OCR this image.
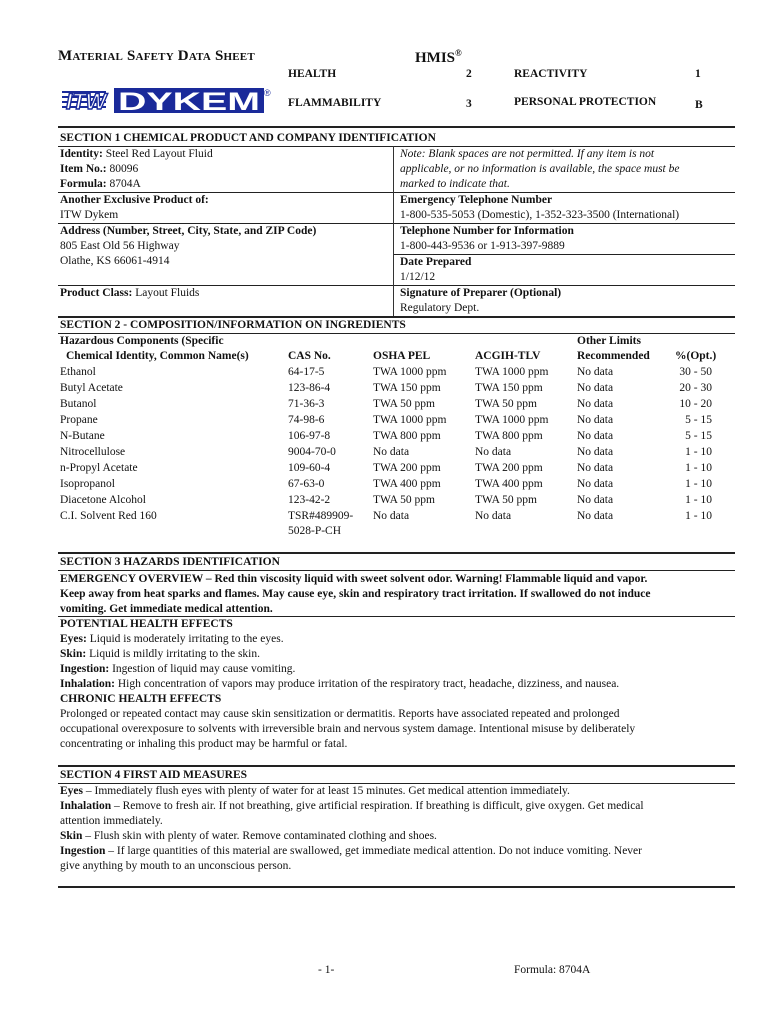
Material Safety Data Sheet	HMIS®
HEALTH	2	REACTIVITY	1
FLAMMABILITY	3	PERSONAL PROTECTION	B
ITW DYKEM ®
SECTION 1 CHEMICAL PRODUCT AND COMPANY IDENTIFICATION
Identity: Steel Red Layout Fluid
Item No.: 80096
Formula: 8704A
Another Exclusive Product of:
ITW Dykem
Address (Number, Street, City, State, and ZIP Code)
805 East Old 56 Highway
Olathe, KS 66061-4914
Product Class: Layout Fluids
Note: Blank spaces are not permitted. If any item is not
applicable, or no information is available, the space must be
marked to indicate that.
Emergency Telephone Number
1-800-535-5053 (Domestic), 1-352-323-3500 (International)
Telephone Number for Information
1-800-443-9536 or 1-913-397-9889
Date Prepared
1/12/12
Signature of Preparer (Optional)
Regulatory Dept.
SECTION 2 - COMPOSITION/INFORMATION ON INGREDIENTS
Hazardous Components (Specific
Chemical Identity, Common Name(s)	CAS No.	OSHA PEL	ACGIH-TLV
Other Limits
Recommended %(Opt.)
Ethanol	64-17-5	TWA 1000 ppm	TWA 1000 ppm	No data	30 - 50
Butyl Acetate	123-86-4	TWA 150 ppm	TWA 150 ppm	No data	20 - 30
Butanol	71-36-3	TWA 50 ppm	TWA 50 ppm	No data	10 - 20
Propane	74-98-6	TWA 1000 ppm	TWA 1000 ppm	No data	5 - 15
N-Butane	106-97-8	TWA 800 ppm	TWA 800 ppm	No data	5 - 15
Nitrocellulose	9004-70-0	No data	No data	No data	1 - 10
n-Propyl Acetate	109-60-4	TWA 200 ppm	TWA 200 ppm	No data	1 - 10
Isopropanol	67-63-0	TWA 400 ppm	TWA 400 ppm	No data	1 - 10
Diacetone Alcohol	123-42-2	TWA 50 ppm	TWA 50 ppm	No data	1 - 10
C.I. Solvent Red 160	TSR#489909-	No data	No data	No data	1 - 10
5028-P-CH
SECTION 3 HAZARDS IDENTIFICATION
EMERGENCY OVERVIEW – Red thin viscosity liquid with sweet solvent odor. Warning! Flammable liquid and vapor.
Keep away from heat sparks and flames. May cause eye, skin and respiratory tract irritation. If swallowed do not induce
vomiting. Get immediate medical attention.
POTENTIAL HEALTH EFFECTS
Eyes: Liquid is moderately irritating to the eyes.
Skin: Liquid is mildly irritating to the skin.
Ingestion: Ingestion of liquid may cause vomiting.
Inhalation: High concentration of vapors may produce irritation of the respiratory tract, headache, dizziness, and nausea.
CHRONIC HEALTH EFFECTS
Prolonged or repeated contact may cause skin sensitization or dermatitis. Reports have associated repeated and prolonged
occupational overexposure to solvents with irreversible brain and nervous system damage. Intentional misuse by deliberately
concentrating or inhaling this product may be harmful or fatal.
SECTION 4 FIRST AID MEASURES
Eyes – Immediately flush eyes with plenty of water for at least 15 minutes. Get medical attention immediately.
Inhalation – Remove to fresh air. If not breathing, give artificial respiration. If breathing is difficult, give oxygen. Get medical
attention immediately.
Skin – Flush skin with plenty of water. Remove contaminated clothing and shoes.
Ingestion – If large quantities of this material are swallowed, get immediate medical attention. Do not induce vomiting. Never
give anything by mouth to an unconscious person.
- 1-	Formula: 8704A
